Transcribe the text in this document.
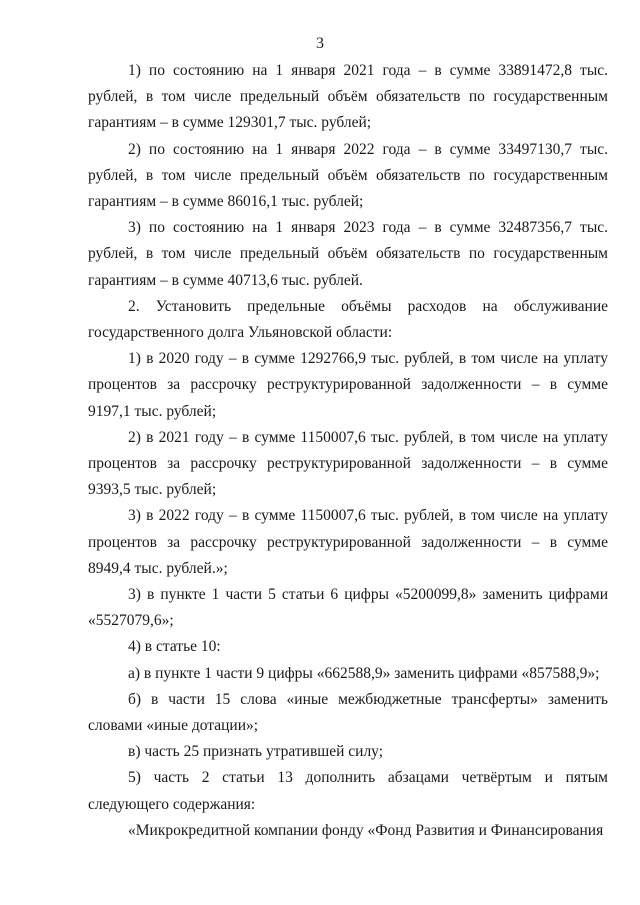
3

1) по состоянию на 1 января 2021 года – в сумме 33891472,8 тыс. рублей, в том числе предельный объём обязательств по государственным гарантиям – в сумме 129301,7 тыс. рублей;

2) по состоянию на 1 января 2022 года – в сумме 33497130,7 тыс. рублей, в том числе предельный объём обязательств по государственным гарантиям – в сумме 86016,1 тыс. рублей;

3) по состоянию на 1 января 2023 года – в сумме 32487356,7 тыс. рублей, в том числе предельный объём обязательств по государственным гарантиям – в сумме 40713,6 тыс. рублей.

2. Установить предельные объёмы расходов на обслуживание государственного долга Ульяновской области:

1) в 2020 году – в сумме 1292766,9 тыс. рублей, в том числе на уплату процентов за рассрочку реструктурированной задолженности – в сумме 9197,1 тыс. рублей;

2) в 2021 году – в сумме 1150007,6 тыс. рублей, в том числе на уплату процентов за рассрочку реструктурированной задолженности – в сумме 9393,5 тыс. рублей;

3) в 2022 году – в сумме 1150007,6 тыс. рублей, в том числе на уплату процентов за рассрочку реструктурированной задолженности – в сумме 8949,4 тыс. рублей.»;

3) в пункте 1 части 5 статьи 6 цифры «5200099,8» заменить цифрами «5527079,6»;

4) в статье 10:

а) в пункте 1 части 9 цифры «662588,9» заменить цифрами «857588,9»;

б) в части 15 слова «иные межбюджетные трансферты» заменить словами «иные дотации»;

в) часть 25 признать утратившей силу;

5) часть 2 статьи 13 дополнить абзацами четвёртым и пятым следующего содержания:

«Микрокредитной компании фонду «Фонд Развития и Финансирования
